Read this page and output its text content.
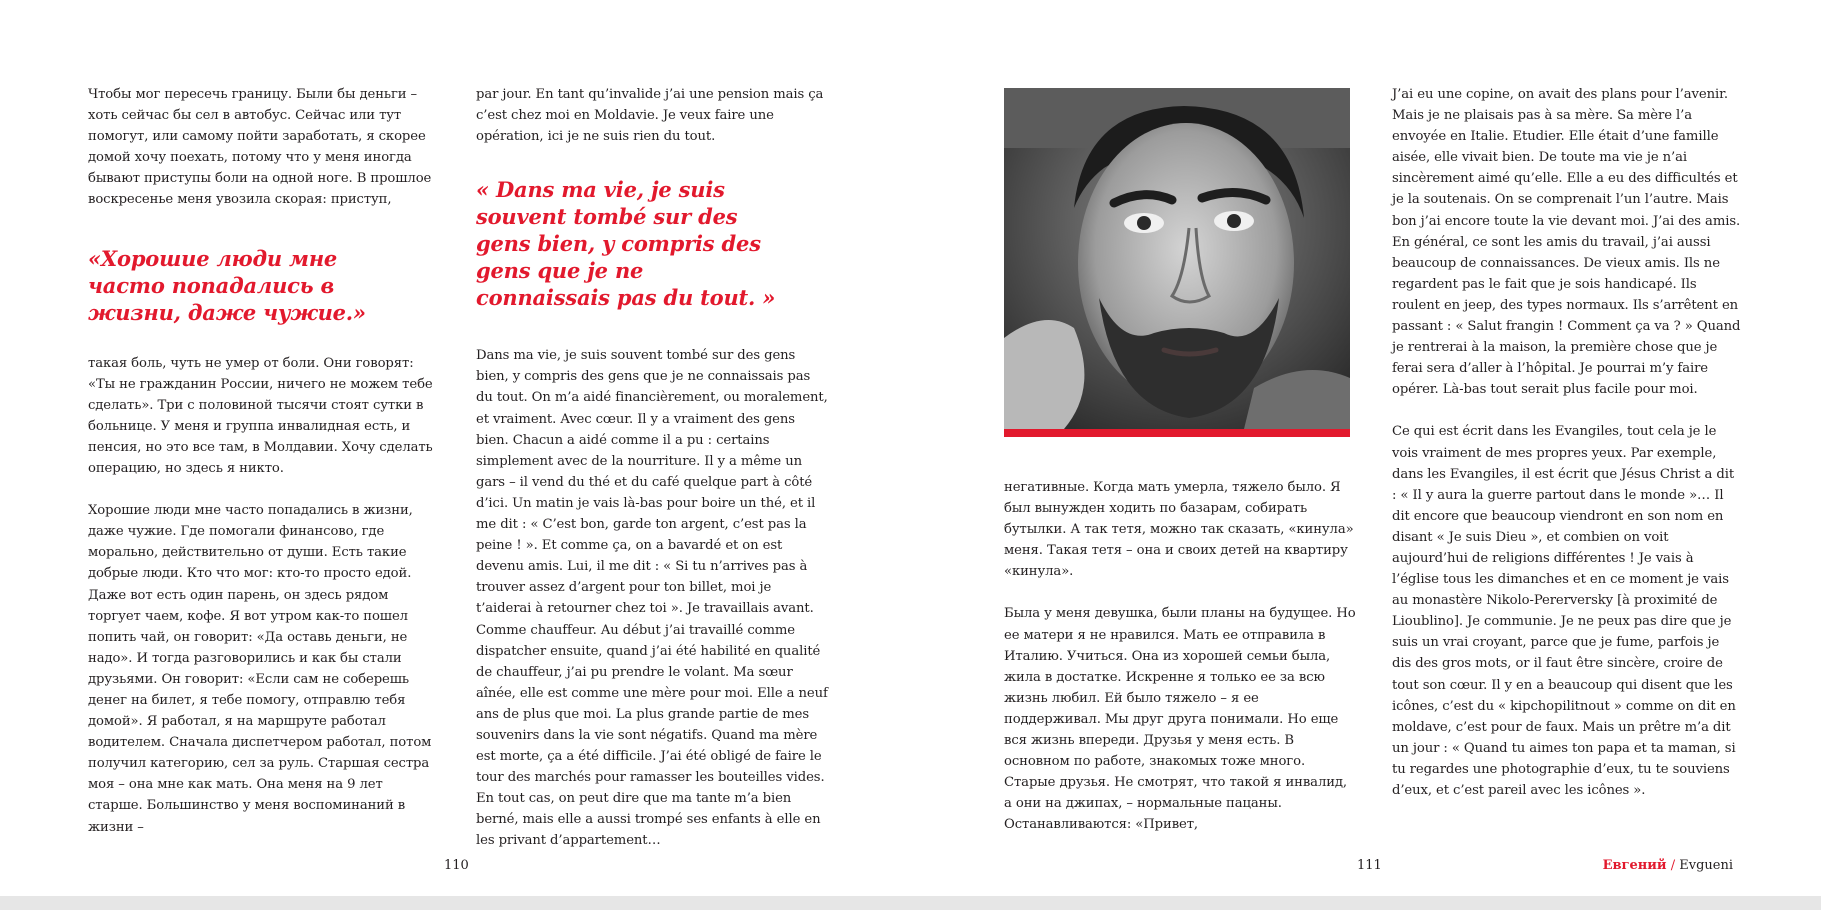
Чтобы мог пересечь границу. Были бы деньги – хоть сейчас бы сел в автобус. Сейчас или тут помогут, или самому пойти заработать, я скорее домой хочу поехать, потому что у меня иногда бывают приступы боли на одной ноге. В прошлое воскресенье меня увозила скорая: приступ,

«Хорошие люди мне часто попадались в жизни, даже чужие.»

такая боль, чуть не умер от боли. Они говорят: «Ты не гражданин России, ничего не можем тебе сделать». Три с половиной тысячи стоят сутки в больнице. У меня и группа инвалидная есть, и пенсия, но это все там, в Молдавии. Хочу сделать операцию, но здесь я никто.

Хорошие люди мне часто попадались в жизни, даже чужие. Где помогали финансово, где морально, действительно от души. Есть такие добрые люди. Кто что мог: кто-то просто едой. Даже вот есть один парень, он здесь рядом торгует чаем, кофе. Я вот утром как-то пошел попить чай, он говорит: «Да оставь деньги, не надо». И тогда разговорились и как бы стали друзьями. Он говорит: «Если сам не соберешь денег на билет, я тебе помогу, отправлю тебя домой». Я работал, я на маршруте работал водителем. Сначала диспетчером работал, потом получил категорию, сел за руль. Старшая сестра моя – она мне как мать. Она меня на 9 лет старше. Большинство у меня воспоминаний в жизни –

par jour. En tant qu’invalide j’ai une pension mais ça c’est chez moi en Moldavie. Je veux faire une opération, ici je ne suis rien du tout.

« Dans ma vie, je suis souvent tombé sur des gens bien, y compris des gens que je ne connaissais pas du tout. »

Dans ma vie, je suis souvent tombé sur des gens bien, y compris des gens que je ne connaissais pas du tout. On m’a aidé financièrement, ou moralement, et vraiment. Avec cœur. Il y a vraiment des gens bien. Chacun a aidé comme il a pu : certains simplement avec de la nourriture. Il y a même un gars – il vend du thé et du café quelque part à côté d’ici. Un matin je vais là-bas pour boire un thé, et il me dit : « C’est bon, garde ton argent, c’est pas la peine ! ». Et comme ça, on a bavardé et on est devenu amis. Lui, il me dit : « Si tu n’arrives pas à trouver assez d’argent pour ton billet, moi je t’aiderai à retourner chez toi ». Je travaillais avant. Comme chauffeur. Au début j’ai travaillé comme dispatcher ensuite, quand j’ai été habilité en qualité de chauffeur, j’ai pu prendre le volant. Ma sœur aînée, elle est comme une mère pour moi. Elle a neuf ans de plus que moi. La plus grande partie de mes souvenirs dans la vie sont négatifs. Quand ma mère est morte, ça a été difficile. J’ai été obligé de faire le tour des marchés pour ramasser les bouteilles vides. En tout cas, on peut dire que ma tante m’a bien berné, mais elle a aussi trompé ses enfants à elle en les privant d’appartement…

110

негативные. Когда мать умерла, тяжело было. Я был вынужден ходить по базарам, собирать бутылки. А так тетя, можно так сказать, «кинула» меня. Такая тетя – она и своих детей на квартиру «кинула».

Была у меня девушка, были планы на будущее. Но ее матери я не нравился. Мать ее отправила в Италию. Учиться. Она из хорошей семьи была, жила в достатке. Искренне я только ее за всю жизнь любил. Ей было тяжело – я ее поддерживал. Мы друг друга понимали. Но еще вся жизнь впереди. Друзья у меня есть. В основном по работе, знакомых тоже много. Старые друзья. Не смотрят, что такой я инвалид, а они на джипах, – нормальные пацаны. Останавливаются: «Привет,

J’ai eu une copine, on avait des plans pour l’avenir. Mais je ne plaisais pas à sa mère. Sa mère l’a envoyée en Italie. Etudier. Elle était d’une famille aisée, elle vivait bien. De toute ma vie je n’ai sincèrement aimé qu’elle. Elle a eu des difficultés et je la soutenais. On se comprenait l’un l’autre. Mais bon j’ai encore toute la vie devant moi. J’ai des amis. En général, ce sont les amis du travail, j’ai aussi beaucoup de connaissances. De vieux amis. Ils ne regardent pas le fait que je sois handicapé. Ils roulent en jeep, des types normaux. Ils s’arrêtent en passant : « Salut frangin ! Comment ça va ? » Quand je rentrerai à la maison, la première chose que je ferai sera d’aller à l’hôpital. Je pourrai m’y faire opérer. Là-bas tout serait plus facile pour moi.

Ce qui est écrit dans les Evangiles, tout cela je le vois vraiment de mes propres yeux. Par exemple, dans les Evangiles, il est écrit que Jésus Christ a dit : « Il y aura la guerre partout dans le monde »… Il dit encore que beaucoup viendront en son nom en disant « Je suis Dieu », et combien on voit aujourd’hui de religions différentes ! Je vais à l’église tous les dimanches et en ce moment je vais au monastère Nikolo-Pererversky [à proximité de Lioublino]. Je communie. Je ne peux pas dire que je suis un vrai croyant, parce que je fume, parfois je dis des gros mots, or il faut être sincère, croire de tout son cœur. Il y en a beaucoup qui disent que les icônes, c’est du « kipchopilitnout » comme on dit en moldave, c’est pour de faux. Mais un prêtre m’a dit un jour : « Quand tu aimes ton papa et ta maman, si tu regardes une photographie d’eux, tu te souviens d’eux, et c’est pareil avec les icônes ».

111	Евгений / Evgueni
